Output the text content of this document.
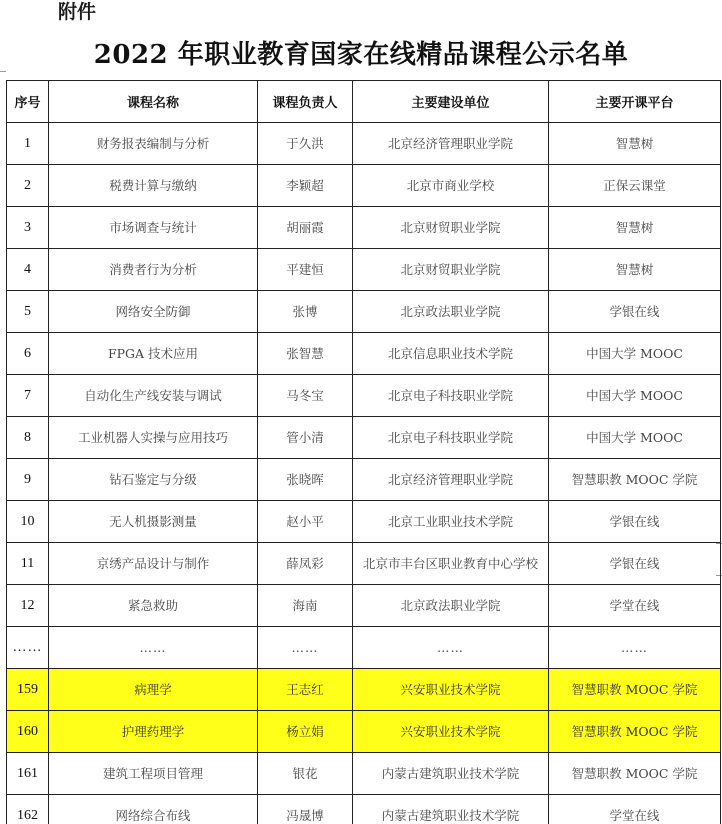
附件
2022 年职业教育国家在线精品课程公示名单
序号	课程名称	课程负责人	主要建设单位	主要开课平台
1	财务报表编制与分析	于久洪	北京经济管理职业学院	智慧树
2	税费计算与缴纳	李颖超	北京市商业学校	正保云课堂
3	市场调查与统计	胡丽霞	北京财贸职业学院	智慧树
4	消费者行为分析	平建恒	北京财贸职业学院	智慧树
5	网络安全防御	张博	北京政法职业学院	学银在线
6	FPGA 技术应用	张智慧	北京信息职业技术学院	中国大学 MOOC
7	自动化生产线安装与调试	马冬宝	北京电子科技职业学院	中国大学 MOOC
8	工业机器人实操与应用技巧	管小清	北京电子科技职业学院	中国大学 MOOC
9	钻石鉴定与分级	张晓晖	北京经济管理职业学院	智慧职教 MOOC 学院
10	无人机摄影测量	赵小平	北京工业职业技术学院	学银在线
11	京绣产品设计与制作	薛凤彩	北京市丰台区职业教育中心学校	学银在线
12	紧急救助	海南	北京政法职业学院	学堂在线
……	……	……	……	……
159	病理学	王志红	兴安职业技术学院	智慧职教 MOOC 学院
160	护理药理学	杨立娟	兴安职业技术学院	智慧职教 MOOC 学院
161	建筑工程项目管理	银花	内蒙古建筑职业技术学院	智慧职教 MOOC 学院
162	网络综合布线	冯晟博	内蒙古建筑职业技术学院	学堂在线
